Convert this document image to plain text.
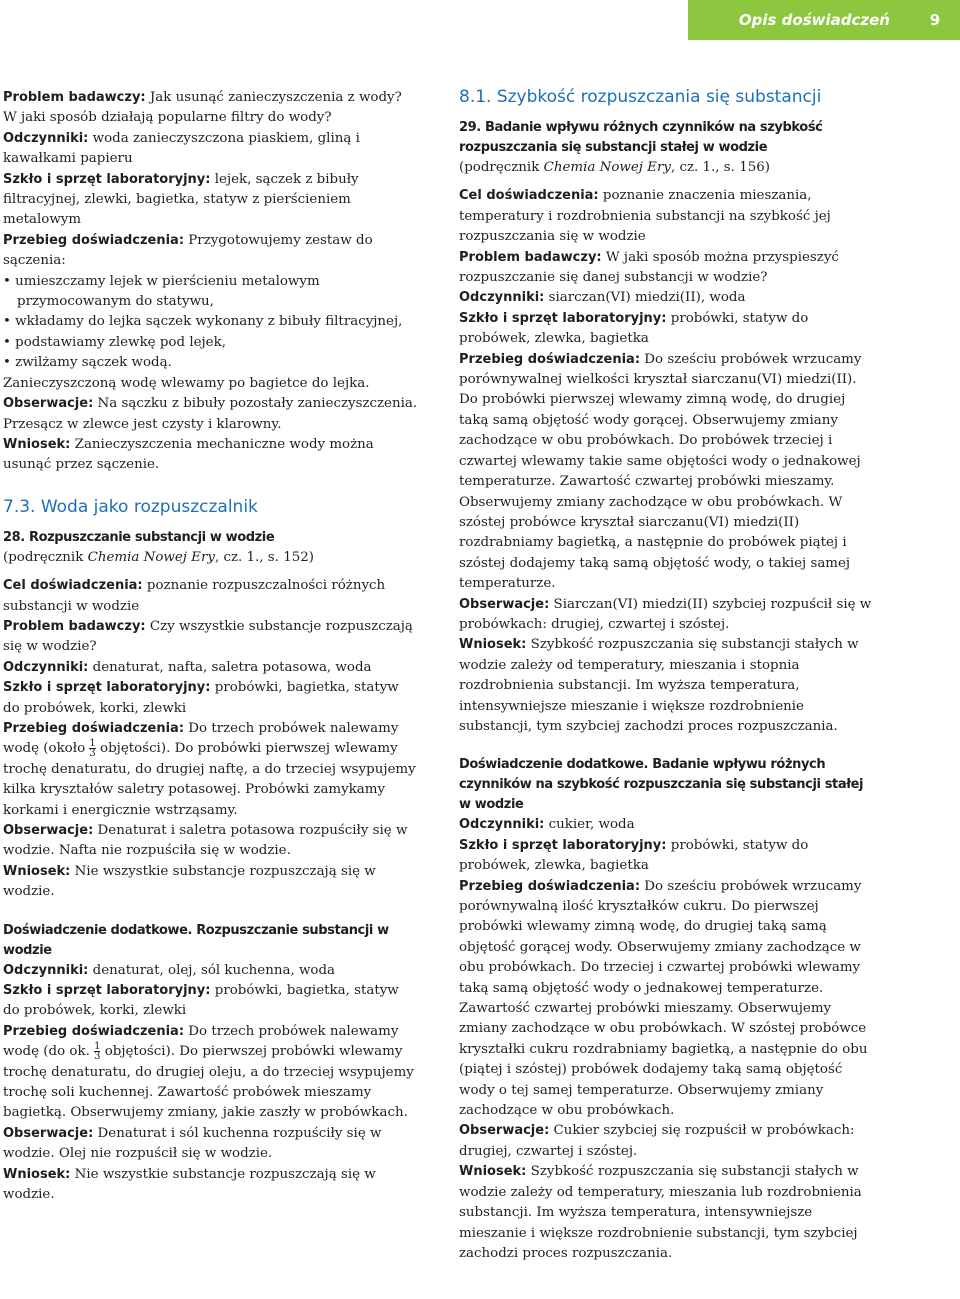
Opis doświadczeń	9

Problem badawczy: Jak usunąć zanieczyszczenia z wody? W jaki sposób działają popularne filtry do wody?

Odczynniki: woda zanieczyszczona piaskiem, gliną i kawałkami papieru

Szkło i sprzęt laboratoryjny: lejek, sączek z bibuły filtracyjnej, zlewki, bagietka, statyw z pierścieniem metalowym

Przebieg doświadczenia: Przygotowujemy zestaw do sączenia:

• umieszczamy lejek w pierścieniu metalowym przymocowanym do statywu,

• wkładamy do lejka sączek wykonany z bibuły filtracyjnej,

• podstawiamy zlewkę pod lejek,

• zwilżamy sączek wodą.

Zanieczyszczoną wodę wlewamy po bagietce do lejka.

Obserwacje: Na sączku z bibuły pozostały zanieczyszczenia. Przesącz w zlewce jest czysty i klarowny.

Wniosek: Zanieczyszczenia mechaniczne wody można usunąć przez sączenie.

7.3. Woda jako rozpuszczalnik

28. Rozpuszczanie substancji w wodzie

(podręcznik Chemia Nowej Ery, cz. 1., s. 152)

Cel doświadczenia: poznanie rozpuszczalności różnych substancji w wodzie

Problem badawczy: Czy wszystkie substancje rozpuszczają się w wodzie?

Odczynniki: denaturat, nafta, saletra potasowa, woda

Szkło i sprzęt laboratoryjny: probówki, bagietka, statyw do probówek, korki, zlewki

Przebieg doświadczenia: Do trzech probówek nalewamy wodę (około $\frac{1}{3}$ objętości). Do probówki pierwszej wlewamy trochę denaturatu, do drugiej naftę, a do trzeciej wsypujemy kilka kryształów saletry potasowej. Probówki zamykamy korkami i energicznie wstrząsamy.

Obserwacje: Denaturat i saletra potasowa rozpuściły się w wodzie. Nafta nie rozpuściła się w wodzie.

Wniosek: Nie wszystkie substancje rozpuszczają się w wodzie.

Doświadczenie dodatkowe. Rozpuszczanie substancji w wodzie

Odczynniki: denaturat, olej, sól kuchenna, woda

Szkło i sprzęt laboratoryjny: probówki, bagietka, statyw do probówek, korki, zlewki

Przebieg doświadczenia: Do trzech probówek nalewamy wodę (do ok. $\frac{1}{3}$ objętości). Do pierwszej probówki wlewamy trochę denaturatu, do drugiej oleju, a do trzeciej wsypujemy trochę soli kuchennej. Zawartość probówek mieszamy bagietką. Obserwujemy zmiany, jakie zaszły w probówkach.

Obserwacje: Denaturat i sól kuchenna rozpuściły się w wodzie. Olej nie rozpuścił się w wodzie.

Wniosek: Nie wszystkie substancje rozpuszczają się w wodzie.

8.1. Szybkość rozpuszczania się substancji

29. Badanie wpływu różnych czynników na szybkość rozpuszczania się substancji stałej w wodzie

(podręcznik Chemia Nowej Ery, cz. 1., s. 156)

Cel doświadczenia: poznanie znaczenia mieszania, temperatury i rozdrobnienia substancji na szybkość jej rozpuszczania się w wodzie

Problem badawczy: W jaki sposób można przyspieszyć rozpuszczanie się danej substancji w wodzie?

Odczynniki: siarczan(VI) miedzi(II), woda

Szkło i sprzęt laboratoryjny: probówki, statyw do probówek, zlewka, bagietka

Przebieg doświadczenia: Do sześciu probówek wrzucamy porównywalnej wielkości kryształ siarczanu(VI) miedzi(II). Do probówki pierwszej wlewamy zimną wodę, do drugiej taką samą objętość wody gorącej. Obserwujemy zmiany zachodzące w obu probówkach. Do probówek trzeciej i czwartej wlewamy takie same objętości wody o jednakowej temperaturze. Zawartość czwartej probówki mieszamy. Obserwujemy zmiany zachodzące w obu probówkach. W szóstej probówce kryształ siarczanu(VI) miedzi(II) rozdrabniamy bagietką, a następnie do probówek piątej i szóstej dodajemy taką samą objętość wody, o takiej samej temperaturze.

Obserwacje: Siarczan(VI) miedzi(II) szybciej rozpuścił się w probówkach: drugiej, czwartej i szóstej.

Wniosek: Szybkość rozpuszczania się substancji stałych w wodzie zależy od temperatury, mieszania i stopnia rozdrobnienia substancji. Im wyższa temperatura, intensywniejsze mieszanie i większe rozdrobnienie substancji, tym szybciej zachodzi proces rozpuszczania.

Doświadczenie dodatkowe. Badanie wpływu różnych czynników na szybkość rozpuszczania się substancji stałej w wodzie

Odczynniki: cukier, woda

Szkło i sprzęt laboratoryjny: probówki, statyw do probówek, zlewka, bagietka

Przebieg doświadczenia: Do sześciu probówek wrzucamy porównywalną ilość kryształków cukru. Do pierwszej probówki wlewamy zimną wodę, do drugiej taką samą objętość gorącej wody. Obserwujemy zmiany zachodzące w obu probówkach. Do trzeciej i czwartej probówki wlewamy taką samą objętość wody o jednakowej temperaturze. Zawartość czwartej probówki mieszamy. Obserwujemy zmiany zachodzące w obu probówkach. W szóstej probówce kryształki cukru rozdrabniamy bagietką, a następnie do obu (piątej i szóstej) probówek dodajemy taką samą objętość wody o tej samej temperaturze. Obserwujemy zmiany zachodzące w obu probówkach.

Obserwacje: Cukier szybciej się rozpuścił w probówkach: drugiej, czwartej i szóstej.

Wniosek: Szybkość rozpuszczania się substancji stałych w wodzie zależy od temperatury, mieszania lub rozdrobnienia substancji. Im wyższa temperatura, intensywniejsze mieszanie i większe rozdrobnienie substancji, tym szybciej zachodzi proces rozpuszczania.
